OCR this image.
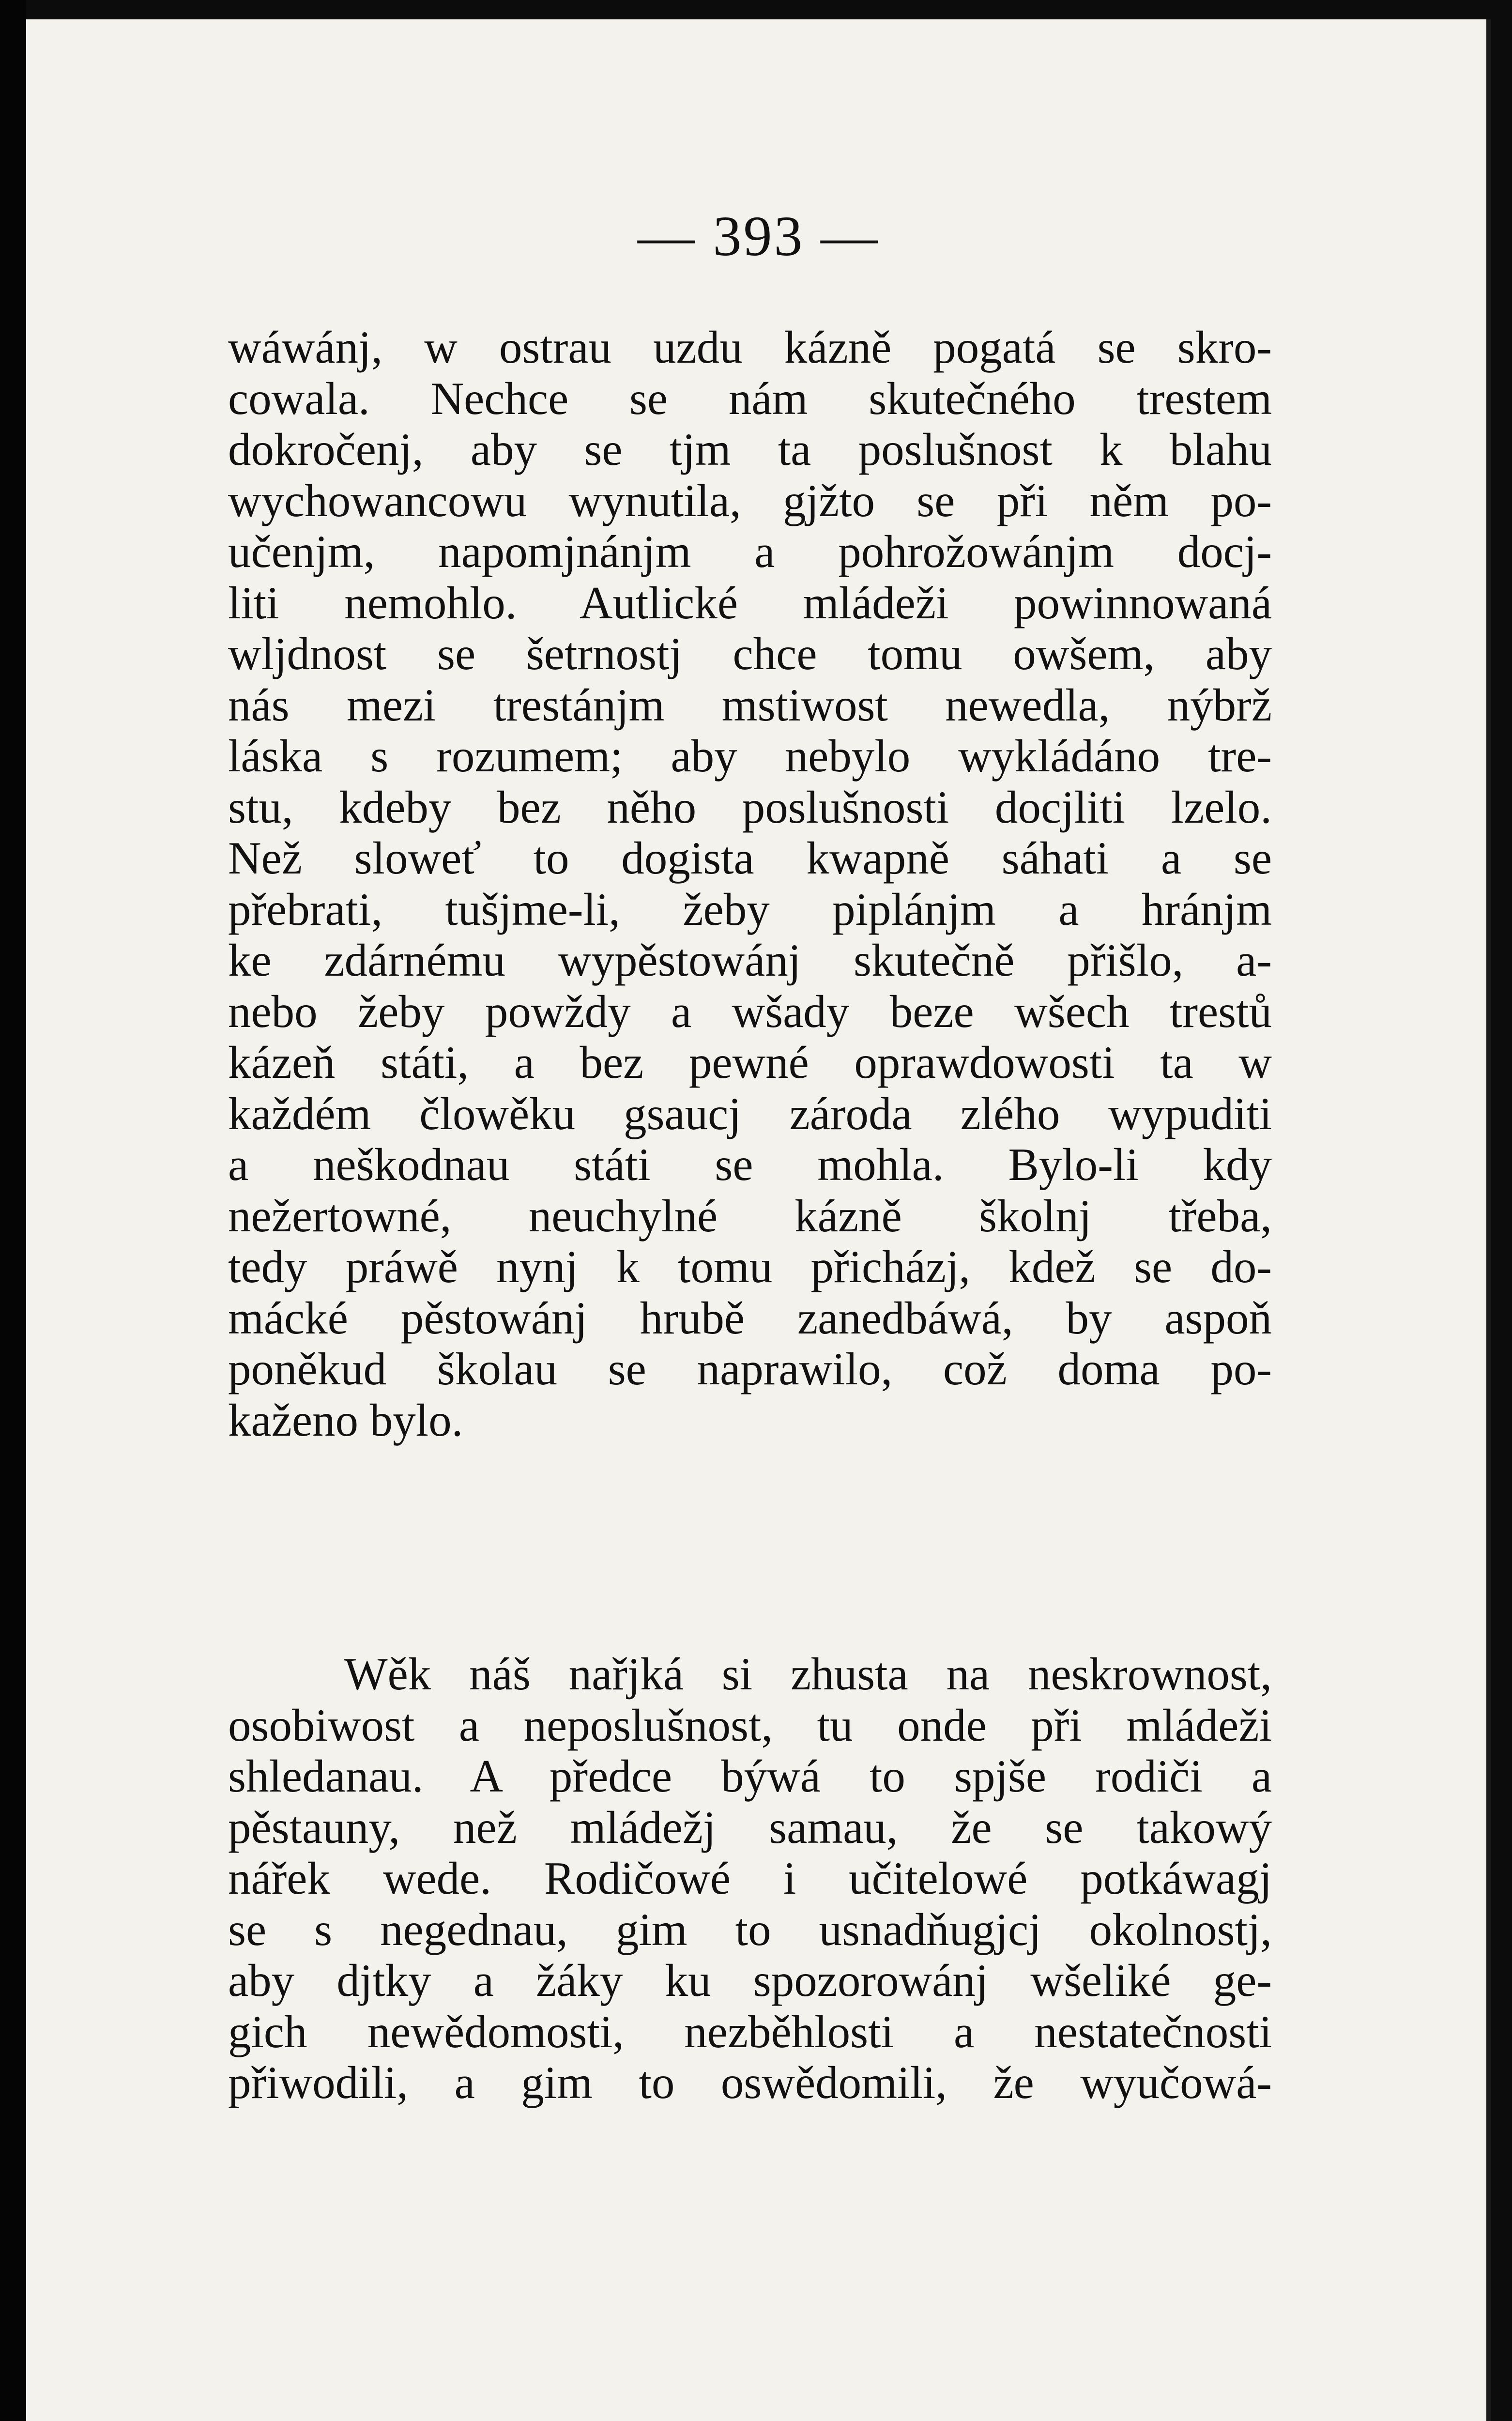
— 393 —
wáwánj, w ostrau uzdu kázně pogatá se skro-
cowala. Nechce se nám skutečného trestem
dokročenj, aby se tjm ta poslušnost k blahu
wychowancowu wynutila, gjžto se při něm po-
učenjm, napomjnánjm a pohrožowánjm docj-
liti nemohlo. Autlické mládeži powinnowaná
wljdnost se šetrnostj chce tomu owšem, aby
nás mezi trestánjm mstiwost newedla, nýbrž
láska s rozumem; aby nebylo wykládáno tre-
stu, kdeby bez něho poslušnosti docjliti lzelo.
Než slowеť to dogista kwapně sáhati a se
přebrati, tušjme-li, žeby piplánjm a hránjm
ke zdárnému wypěstowánj skutečně přišlo, a-
nebo žeby powždy a wšady beze wšech trestů
kázeň státi, a bez pewné oprawdowosti ta w
každém člowěku gsaucj zároda zlého wypuditi
a neškodnau státi se mohla. Bylo-li kdy
nežertowné, neuchylné kázně školnj třeba,
tedy práwě nynj k tomu přicházj, kdež se do-
mácké pěstowánj hrubě zanedbáwá, by aspoň
poněkud školau se naprawilo, což doma po-
kaženo bylo.
Wěk náš nařjká si zhusta na neskrownost,
osobiwost a neposlušnost, tu onde při mládeži
shledanau. A předce býwá to spjše rodiči a
pěstauny, než mládežj samau, že se takowý
nářek wede. Rodičowé i učitelowé potkáwagj
se s negednau, gim to usnadňugjcj okolnostj,
aby djtky a žáky ku spozorowánj wšeliké ge-
gich newědomosti, nezběhlosti a nestatečnosti
přiwodili, a gim to oswědomili, že wyučowá-
